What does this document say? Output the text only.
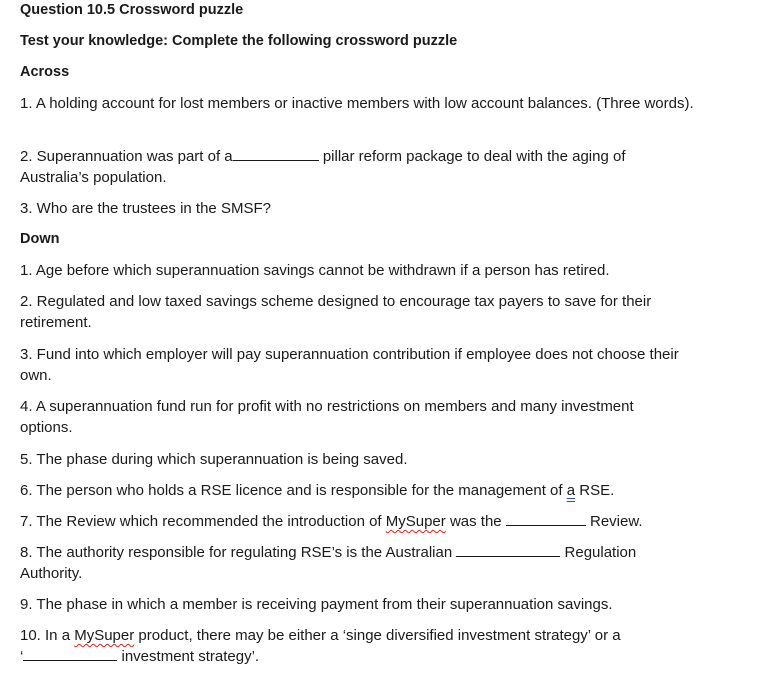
Question 10.5 Crossword puzzle

Test your knowledge: Complete the following crossword puzzle

Across

1. A holding account for lost members or inactive members with low account balances. (Three words).

2. Superannuation was part of a	pillar reform package to deal with the aging of

Australia’s population.

3. Who are the trustees in the SMSF?

Down

1. Age before which superannuation savings cannot be withdrawn if a person has retired.

2. Regulated and low taxed savings scheme designed to encourage tax payers to save for their

retirement.

3. Fund into which employer will pay superannuation contribution if employee does not choose their

own.

4. A superannuation fund run for profit with no restrictions on members and many investment

options.

5. The phase during which superannuation is being saved.

6. The person who holds a RSE licence and is responsible for the management of a RSE.

7. The Review which recommended the introduction of MySuper was the	Review.

8. The authority responsible for regulating RSE’s is the Australian	Regulation

Authority.

9. The phase in which a member is receiving payment from their superannuation savings.

10. In a MySuper product, there may be either a ‘singe diversified investment strategy’ or a

‘	investment strategy’.
